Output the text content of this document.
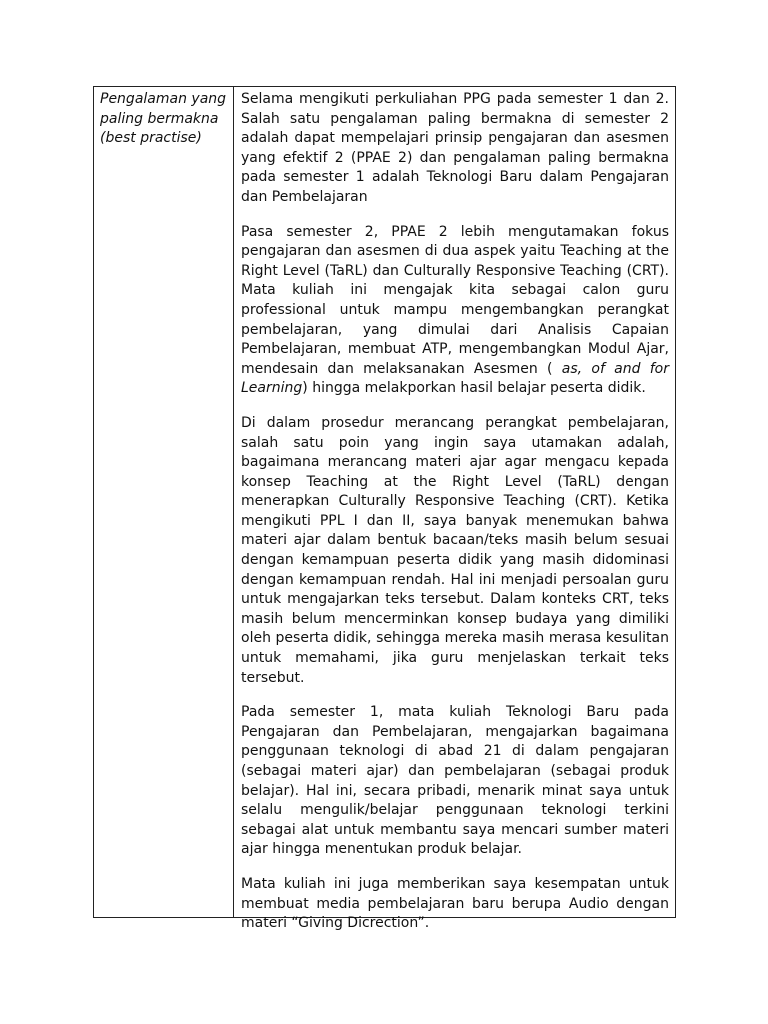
Pengalaman yang paling bermakna (best practise)

Selama mengikuti perkuliahan PPG pada semester 1 dan 2. Salah satu pengalaman paling bermakna di semester 2 adalah dapat mempelajari prinsip pengajaran dan asesmen yang efektif 2 (PPAE 2) dan pengalaman paling bermakna pada semester 1 adalah Teknologi Baru dalam Pengajaran dan Pembelajaran

Pasa semester 2, PPAE 2 lebih mengutamakan fokus pengajaran dan asesmen di dua aspek yaitu Teaching at the Right Level (TaRL) dan Culturally Responsive Teaching (CRT). Mata kuliah ini mengajak kita sebagai calon guru professional untuk mampu mengembangkan perangkat pembelajaran, yang dimulai dari Analisis Capaian Pembelajaran, membuat ATP, mengembangkan Modul Ajar, mendesain dan melaksanakan Asesmen ( as, of and for Learning) hingga melakporkan hasil belajar peserta didik.

Di dalam prosedur merancang perangkat pembelajaran, salah satu poin yang ingin saya utamakan adalah, bagaimana merancang materi ajar agar mengacu kepada konsep Teaching at the Right Level (TaRL) dengan menerapkan Culturally Responsive Teaching (CRT). Ketika mengikuti PPL I dan II, saya banyak menemukan bahwa materi ajar dalam bentuk bacaan/teks masih belum sesuai dengan kemampuan peserta didik yang masih didominasi dengan kemampuan rendah. Hal ini menjadi persoalan guru untuk mengajarkan teks tersebut. Dalam konteks CRT, teks masih belum mencerminkan konsep budaya yang dimiliki oleh peserta didik, sehingga mereka masih merasa kesulitan untuk memahami, jika guru menjelaskan terkait teks tersebut.

Pada semester 1, mata kuliah Teknologi Baru pada Pengajaran dan Pembelajaran, mengajarkan bagaimana penggunaan teknologi di abad 21 di dalam pengajaran (sebagai materi ajar) dan pembelajaran (sebagai produk belajar). Hal ini, secara pribadi, menarik minat saya untuk selalu mengulik/belajar penggunaan teknologi terkini sebagai alat untuk membantu saya mencari sumber materi ajar hingga menentukan produk belajar.

Mata kuliah ini juga memberikan saya kesempatan untuk membuat media pembelajaran baru berupa Audio dengan materi “Giving Dicrection”.
